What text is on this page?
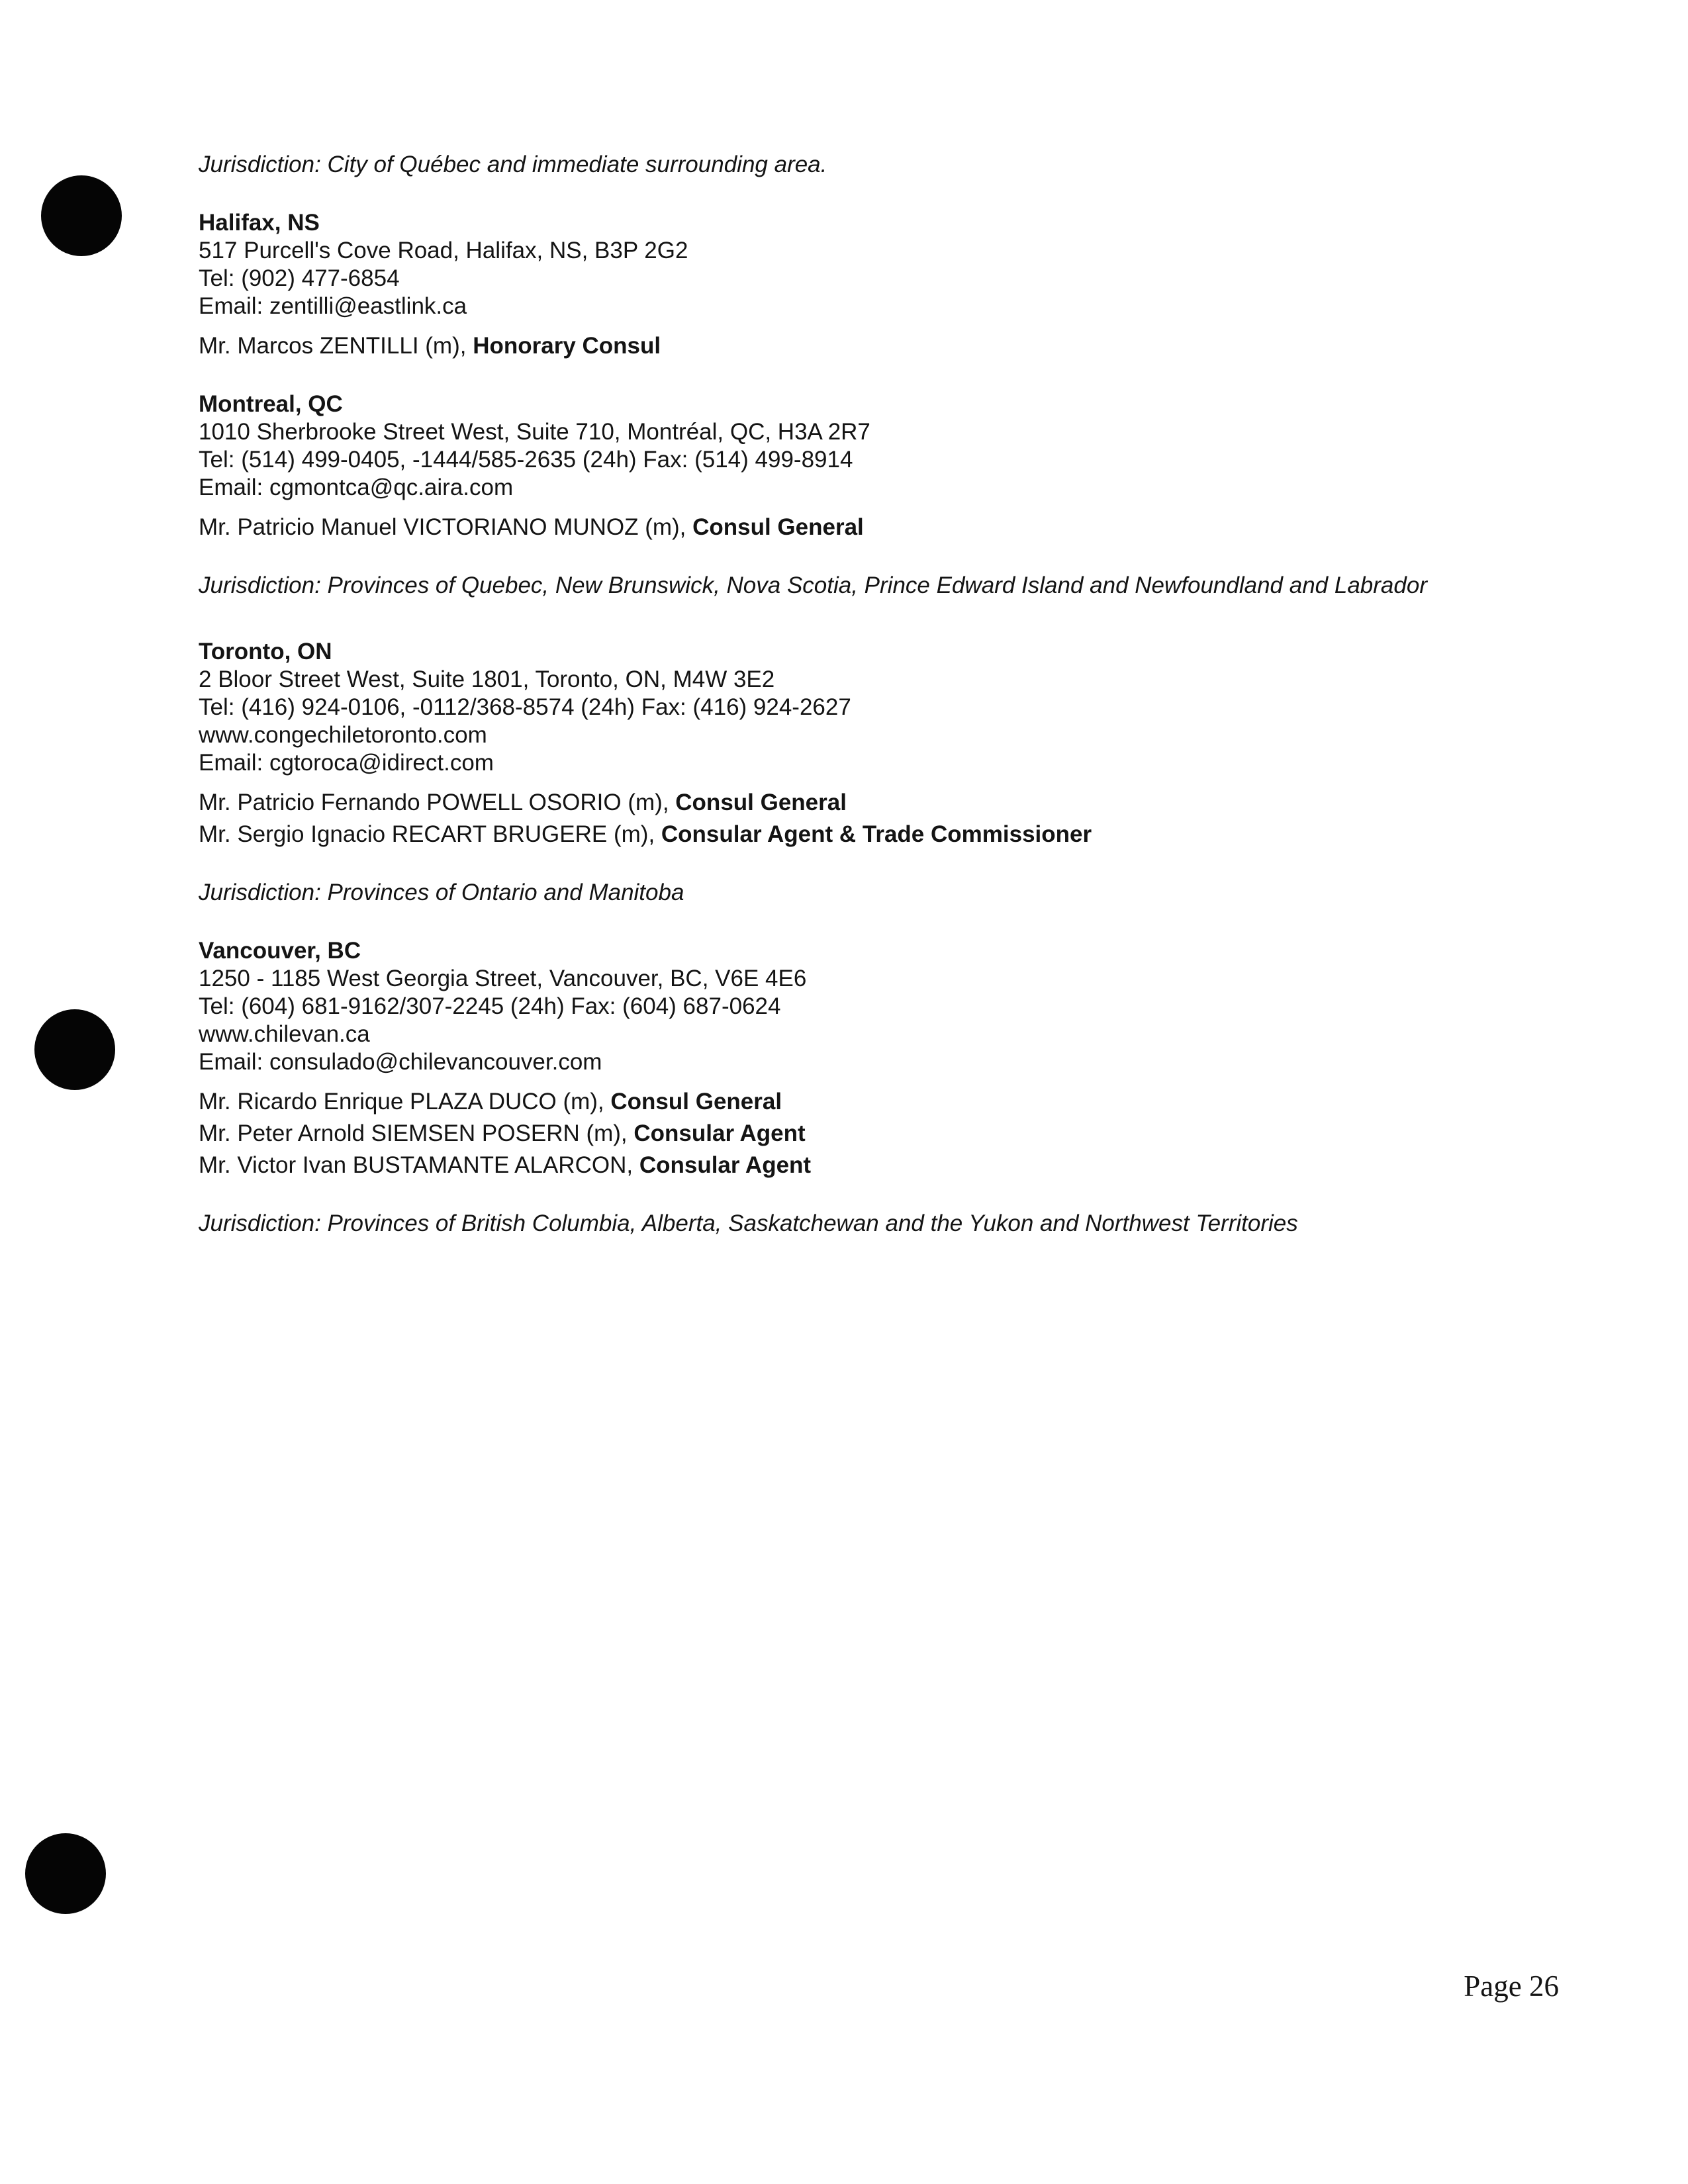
Jurisdiction: City of Québec and immediate surrounding area.
Halifax, NS
517 Purcell's Cove Road, Halifax, NS, B3P 2G2
Tel: (902) 477-6854
Email: zentilli@eastlink.ca
Mr. Marcos ZENTILLI (m), Honorary Consul
Montreal, QC
1010 Sherbrooke Street West, Suite 710, Montréal, QC, H3A 2R7
Tel: (514) 499-0405, -1444/585-2635 (24h) Fax: (514) 499-8914
Email: cgmontca@qc.aira.com
Mr. Patricio Manuel VICTORIANO MUNOZ (m), Consul General
Jurisdiction: Provinces of Quebec, New Brunswick, Nova Scotia, Prince Edward Island and Newfoundland and Labrador
Toronto, ON
2 Bloor Street West, Suite 1801, Toronto, ON, M4W 3E2
Tel: (416) 924-0106, -0112/368-8574 (24h) Fax: (416) 924-2627
www.congechiletoronto.com
Email: cgtoroca@idirect.com
Mr. Patricio Fernando POWELL OSORIO (m), Consul General
Mr. Sergio Ignacio RECART BRUGERE (m), Consular Agent & Trade Commissioner
Jurisdiction: Provinces of Ontario and Manitoba
Vancouver, BC
1250 - 1185 West Georgia Street, Vancouver, BC, V6E 4E6
Tel: (604) 681-9162/307-2245 (24h) Fax: (604) 687-0624
www.chilevan.ca
Email: consulado@chilevancouver.com
Mr. Ricardo Enrique PLAZA DUCO (m), Consul General
Mr. Peter Arnold SIEMSEN POSERN (m), Consular Agent
Mr. Victor Ivan BUSTAMANTE ALARCON, Consular Agent
Jurisdiction: Provinces of British Columbia, Alberta, Saskatchewan and the Yukon and Northwest Territories
Page 26
